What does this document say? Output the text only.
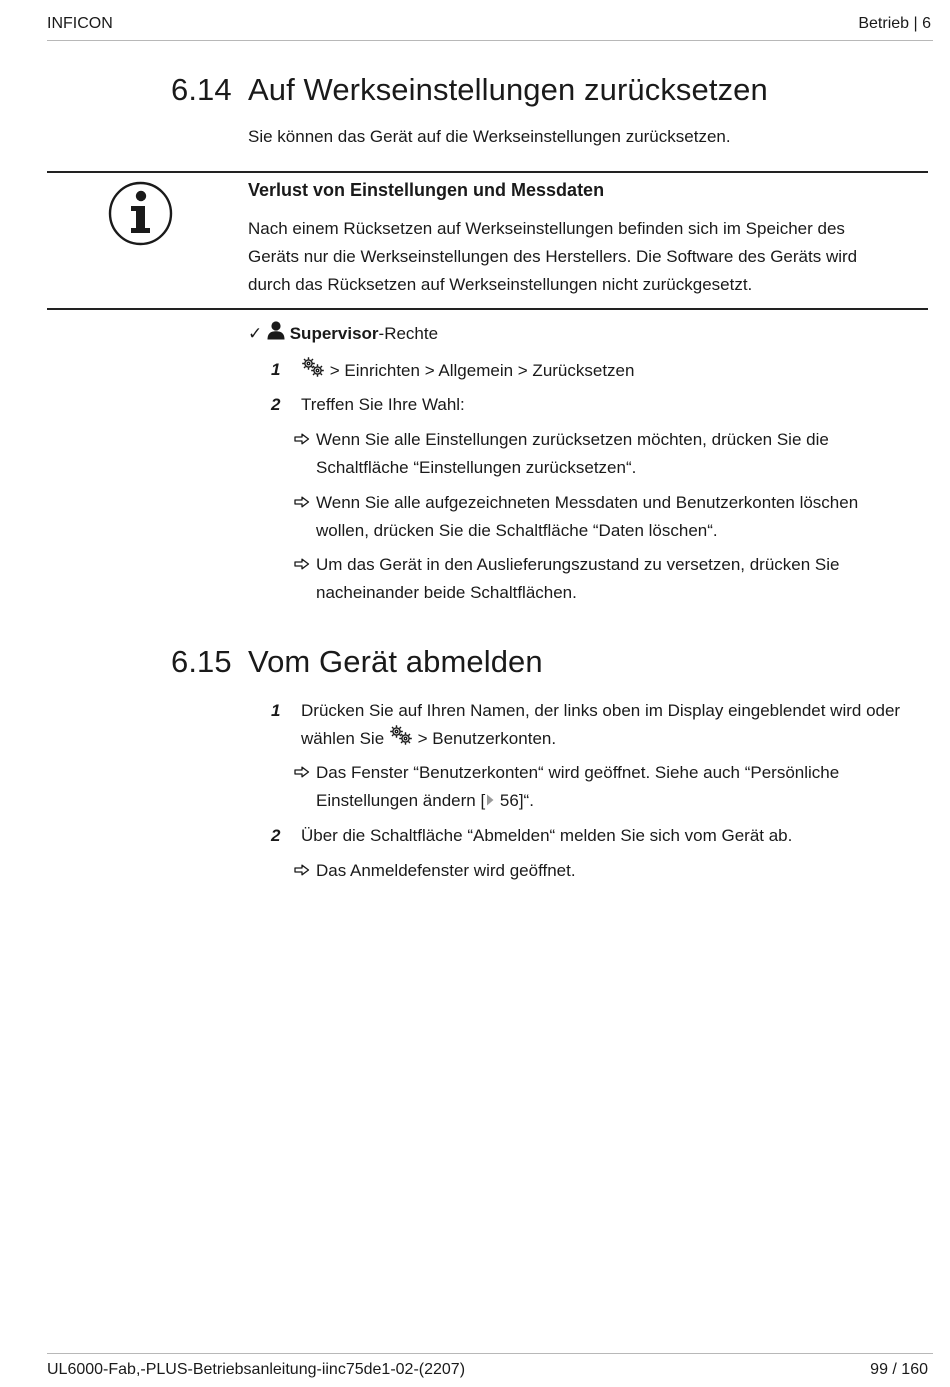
INFICON	Betrieb | 6
6.14 Auf Werkseinstellungen zurücksetzen
Sie können das Gerät auf die Werkseinstellungen zurücksetzen.
Verlust von Einstellungen und Messdaten
Nach einem Rücksetzen auf Werkseinstellungen befinden sich im Speicher des
Geräts nur die Werkseinstellungen des Herstellers. Die Software des Geräts wird
durch das Rücksetzen auf Werkseinstellungen nicht zurückgesetzt.
✓ Supervisor-Rechte
1	> Einrichten > Allgemein > Zurücksetzen
2 Treffen Sie Ihre Wahl:
Wenn Sie alle Einstellungen zurücksetzen möchten, drücken Sie die
Schaltfläche “Einstellungen zurücksetzen“.
Wenn Sie alle aufgezeichneten Messdaten und Benutzerkonten löschen
wollen, drücken Sie die Schaltfläche “Daten löschen“.
Um das Gerät in den Auslieferungszustand zu versetzen, drücken Sie
nacheinander beide Schaltflächen.
6.15 Vom Gerät abmelden
1 Drücken Sie auf Ihren Namen, der links oben im Display eingeblendet wird oder
wählen Sie  > Benutzerkonten.
Das Fenster “Benutzerkonten“ wird geöffnet. Siehe auch “Persönliche
Einstellungen ändern [ 56]“.
2 Über die Schaltfläche “Abmelden“ melden Sie sich vom Gerät ab.
Das Anmeldefenster wird geöffnet.
UL6000-Fab,-PLUS-Betriebsanleitung-iinc75de1-02-(2207)	99 / 160
